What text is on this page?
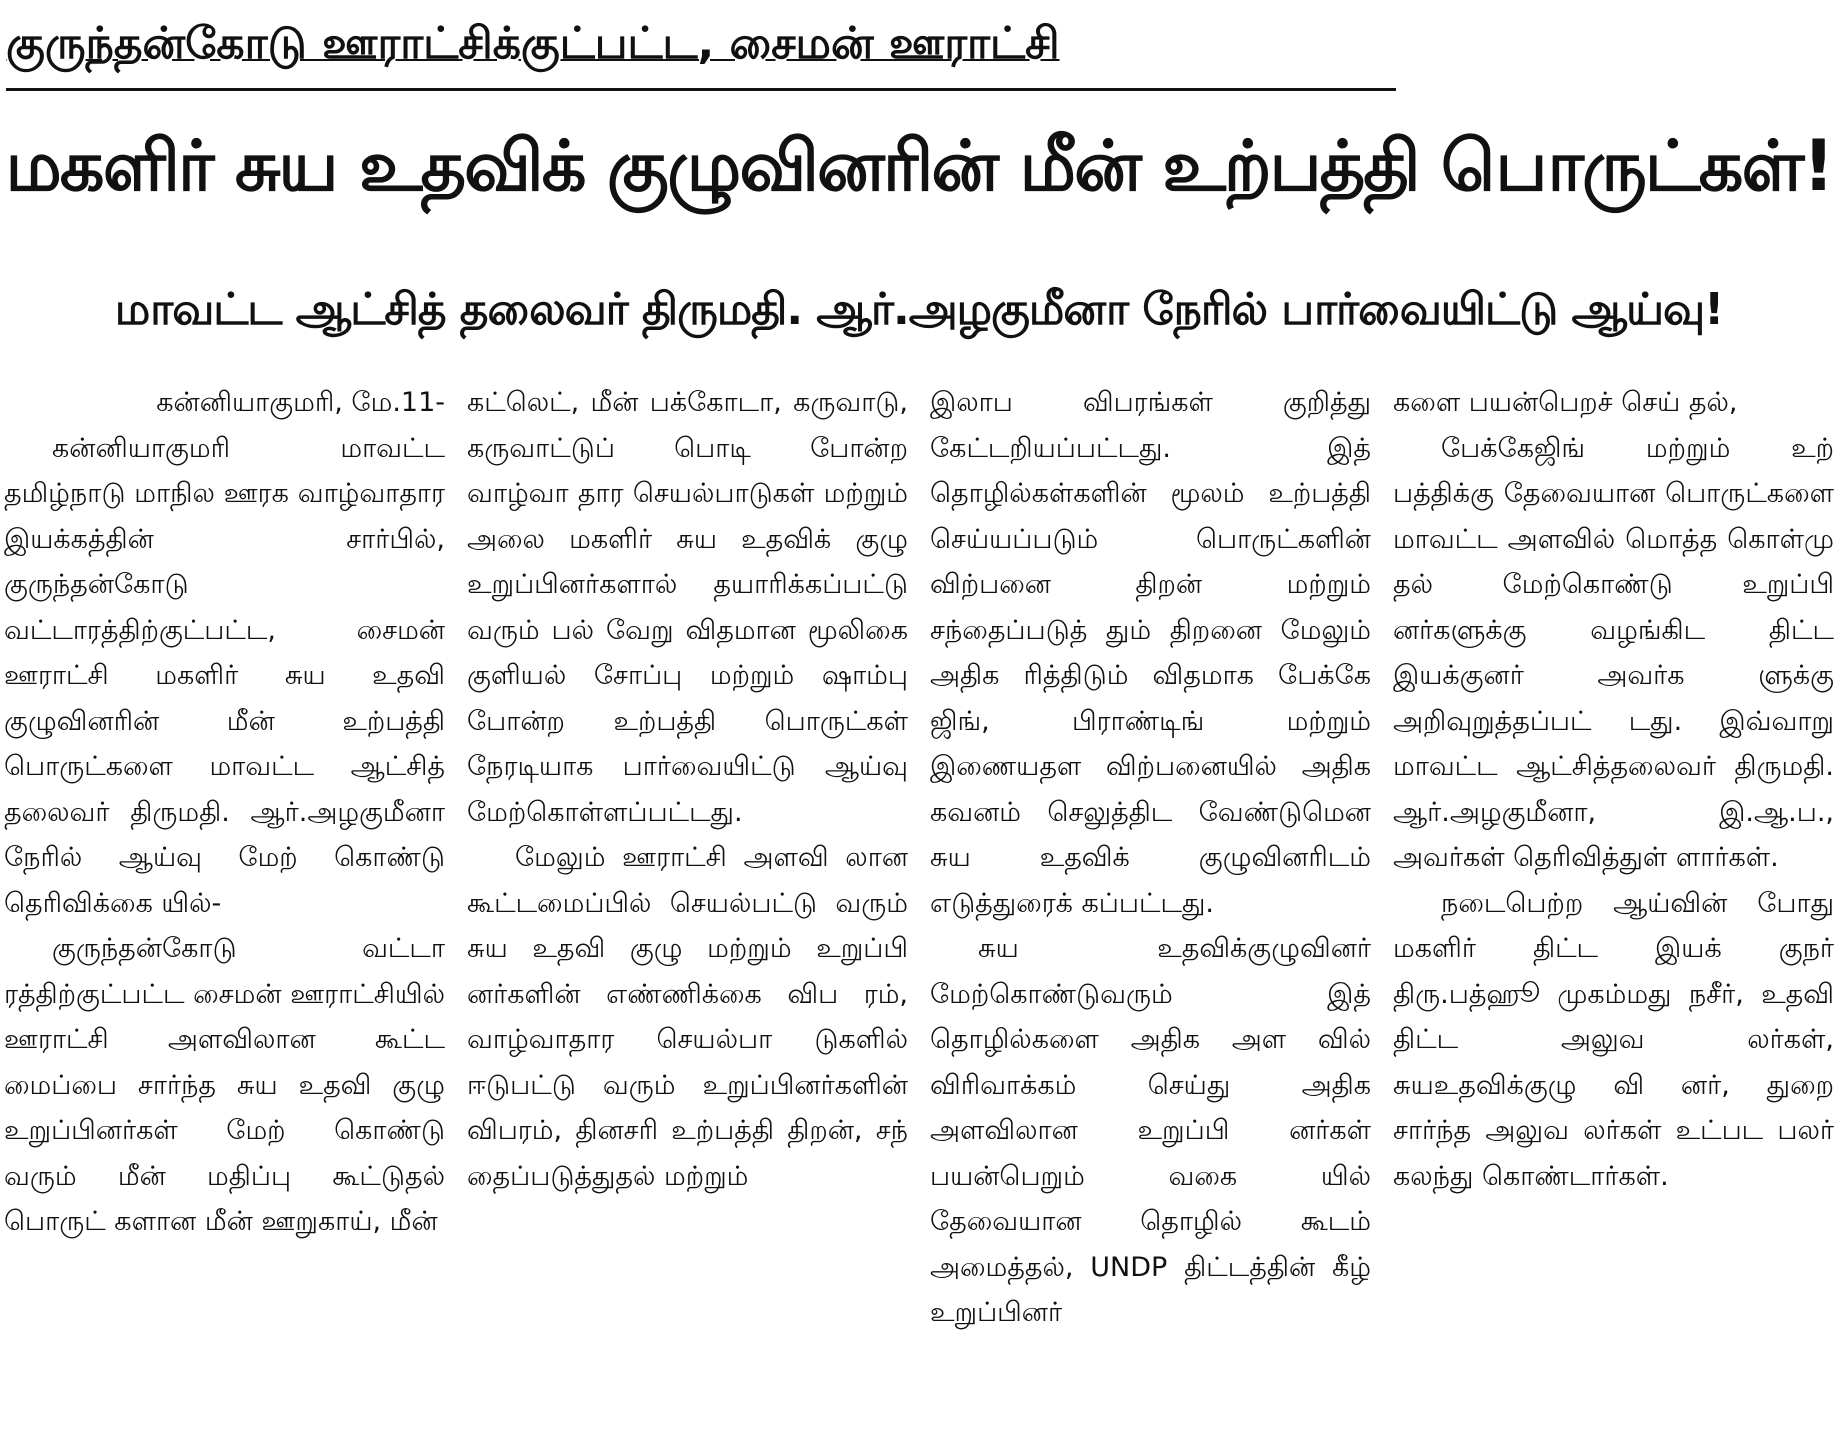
குருந்தன்கோடு ஊராட்சிக்குட்பட்ட, சைமன் ஊராட்சி
மகளிர் சுய உதவிக் குழுவினரின் மீன் உற்பத்தி பொருட்கள்!
மாவட்ட ஆட்சித் தலைவர் திருமதி. ஆர்.அழகுமீனா நேரில் பார்வையிட்டு ஆய்வு!

கன்னியாகுமரி, மே.11-

கன்னியாகுமரி மாவட்ட தமிழ்நாடு மாநில ஊரக வாழ்வாதார இயக்கத்தின் சார்பில், குருந்தன்கோடு வட்டாரத்திற்குட்பட்ட, சைமன் ஊராட்சி மகளிர் சுய உதவி குழுவினரின் மீன் உற்பத்தி பொருட்களை மாவட்ட ஆட்சித் தலைவர் திருமதி. ஆர்.அழகுமீனா நேரில் ஆய்வு மேற் கொண்டு தெரிவிக்கை யில்-

குருந்தன்கோடு வட்டா ரத்திற்குட்பட்ட சைமன் ஊராட்சியில் ஊராட்சி அளவிலான கூட்ட மைப்பை சார்ந்த சுய உதவி குழு உறுப்பினர்கள் மேற் கொண்டு வரும் மீன் மதிப்பு கூட்டுதல் பொருட் களான மீன் ஊறுகாய், மீன்

கட்லெட், மீன் பக்கோடா, கருவாடு, கருவாட்டுப் பொடி போன்ற வாழ்வா தார செயல்பாடுகள் மற்றும் அலை மகளிர் சுய உதவிக் குழு உறுப்பினர்களால் தயாரிக்கப்பட்டு வரும் பல் வேறு விதமான மூலிகை குளியல் சோப்பு மற்றும் ஷாம்பு போன்ற உற்பத்தி பொருட்கள் நேரடியாக பார்வையிட்டு ஆய்வு மேற்கொள்ளப்பட்டது.

மேலும் ஊராட்சி அளவி லான கூட்டமைப்பில் செயல்பட்டு வரும் சுய உதவி குழு மற்றும் உறுப்பி னர்களின் எண்ணிக்கை விப ரம், வாழ்வாதார செயல்பா டுகளில் ஈடுபட்டு வரும் உறுப்பினர்களின் விபரம், தினசரி உற்பத்தி திறன், சந் தைப்படுத்துதல் மற்றும்

இலாப விபரங்கள் குறித்து கேட்டறியப்பட்டது. இத் தொழில்கள்களின் மூலம் உற்பத்தி செய்யப்படும் பொருட்களின் விற்பனை திறன் மற்றும் சந்தைப்படுத் தும் திறனை மேலும் அதிக ரித்திடும் விதமாக பேக்கே ஜிங், பிராண்டிங் மற்றும் இணையதள விற்பனையில் அதிக கவனம் செலுத்திட வேண்டுமென சுய உதவிக் குழுவினரிடம் எடுத்துரைக் கப்பட்டது.

சுய உதவிக்குழுவினர் மேற்கொண்டுவரும் இத் தொழில்களை அதிக அள வில் விரிவாக்கம் செய்து அதிக அளவிலான உறுப்பி னர்கள் பயன்பெறும் வகை யில் தேவையான தொழில் கூடம் அமைத்தல், UNDP திட்டத்தின் கீழ் உறுப்பினர்

களை பயன்பெறச் செய் தல்,

பேக்கேஜிங் மற்றும் உற் பத்திக்கு தேவையான பொருட்களை மாவட்ட அளவில் மொத்த கொள்மு தல் மேற்கொண்டு உறுப்பி னர்களுக்கு வழங்கிட திட்ட இயக்குனர் அவர்க ளுக்கு அறிவுறுத்தப்பட் டது. இவ்வாறு மாவட்ட ஆட்சித்தலைவர் திருமதி. ஆர்.அழகுமீனா, இ.ஆ.ப., அவர்கள் தெரிவித்துள் ளார்கள்.

நடைபெற்ற ஆய்வின் போது மகளிர் திட்ட இயக் குநர் திரு.பத்ஹூ முகம்மது நசீர், உதவி திட்ட அலுவ லர்கள், சுயஉதவிக்குழு வி னர், துறை சார்ந்த அலுவ லர்கள் உட்பட பலர் கலந்து கொண்டார்கள்.
